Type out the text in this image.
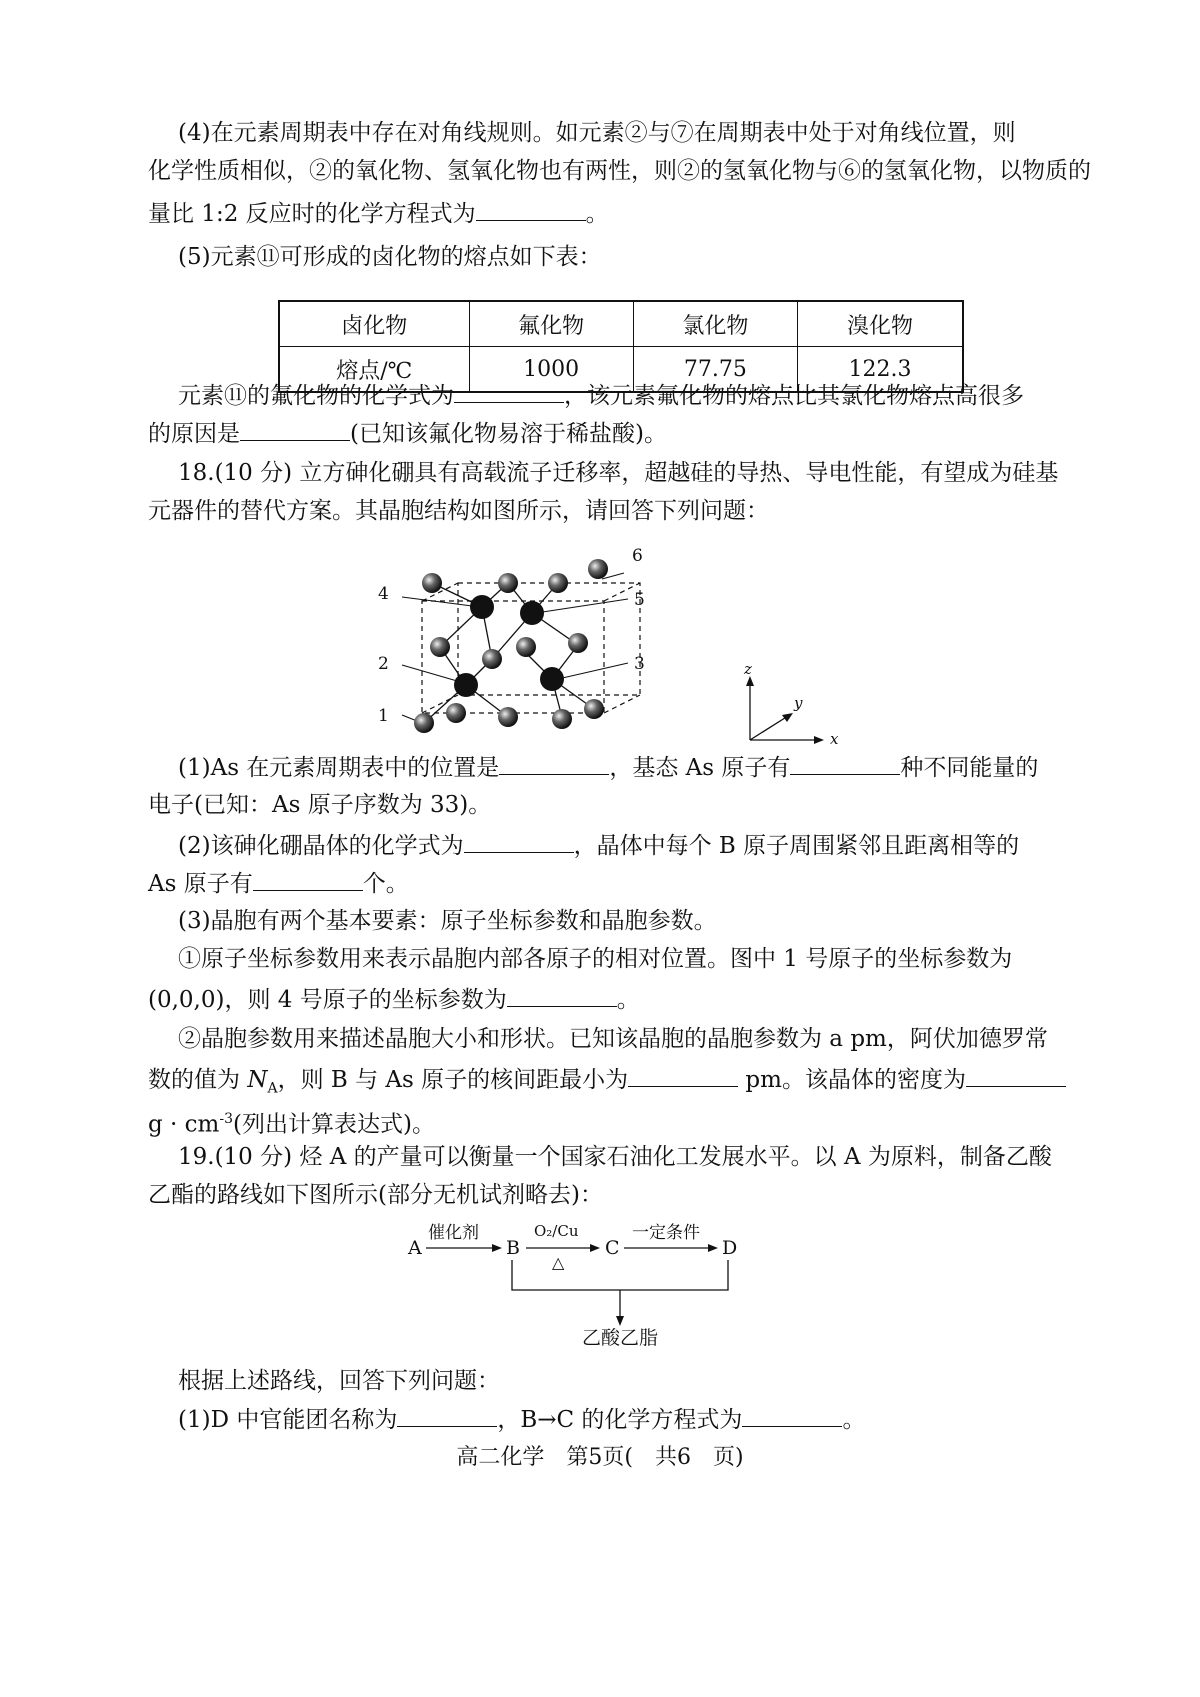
(4)在元素周期表中存在对角线规则。如元素②与⑦在周期表中处于对角线位置，则
化学性质相似，②的氧化物、氢氧化物也有两性，则②的氢氧化物与⑥的氢氧化物，以物质的
量比 1:2 反应时的化学方程式为	。
(5)元素⑪可形成的卤化物的熔点如下表：
卤化物	氟化物	氯化物	溴化物
熔点/℃	1000	77.75	122.3
元素⑪的氟化物的化学式为	，该元素氟化物的熔点比其氯化物熔点高很多
的原因是	(已知该氟化物易溶于稀盐酸)。
18.(10 分) 立方砷化硼具有高载流子迁移率，超越硅的导热、导电性能，有望成为硅基
元器件的替代方案。其晶胞结构如图所示，请回答下列问题：
1
2	3
4	5
6
z
y
x
(1)As 在元素周期表中的位置是	，基态 As 原子有	种不同能量的
电子(已知：As 原子序数为 33)。
(2)该砷化硼晶体的化学式为	，晶体中每个 B 原子周围紧邻且距离相等的
As 原子有	个。
(3)晶胞有两个基本要素：原子坐标参数和晶胞参数。
①原子坐标参数用来表示晶胞内部各原子的相对位置。图中 1 号原子的坐标参数为
(0,0,0)，则 4 号原子的坐标参数为	。
②晶胞参数用来描述晶胞大小和形状。已知该晶胞的晶胞参数为 a pm，阿伏加德罗常
数的值为 $N_A$，则 B 与 As 原子的核间距最小为	pm。该晶体的密度为
$g \cdot cm^{-3}$(列出计算表达式)。
19.(10 分) 烃 A 的产量可以衡量一个国家石油化工发展水平。以 A 为原料，制备乙酸
乙酯的路线如下图所示(部分无机试剂略去)：
A	B	C	D
催化剂	O₂/Cu
△
一定条件
乙酸乙脂
根据上述路线，回答下列问题：
(1)D 中官能团名称为	，B→C 的化学方程式为	。
高二化学　第5页(　共6　页)
